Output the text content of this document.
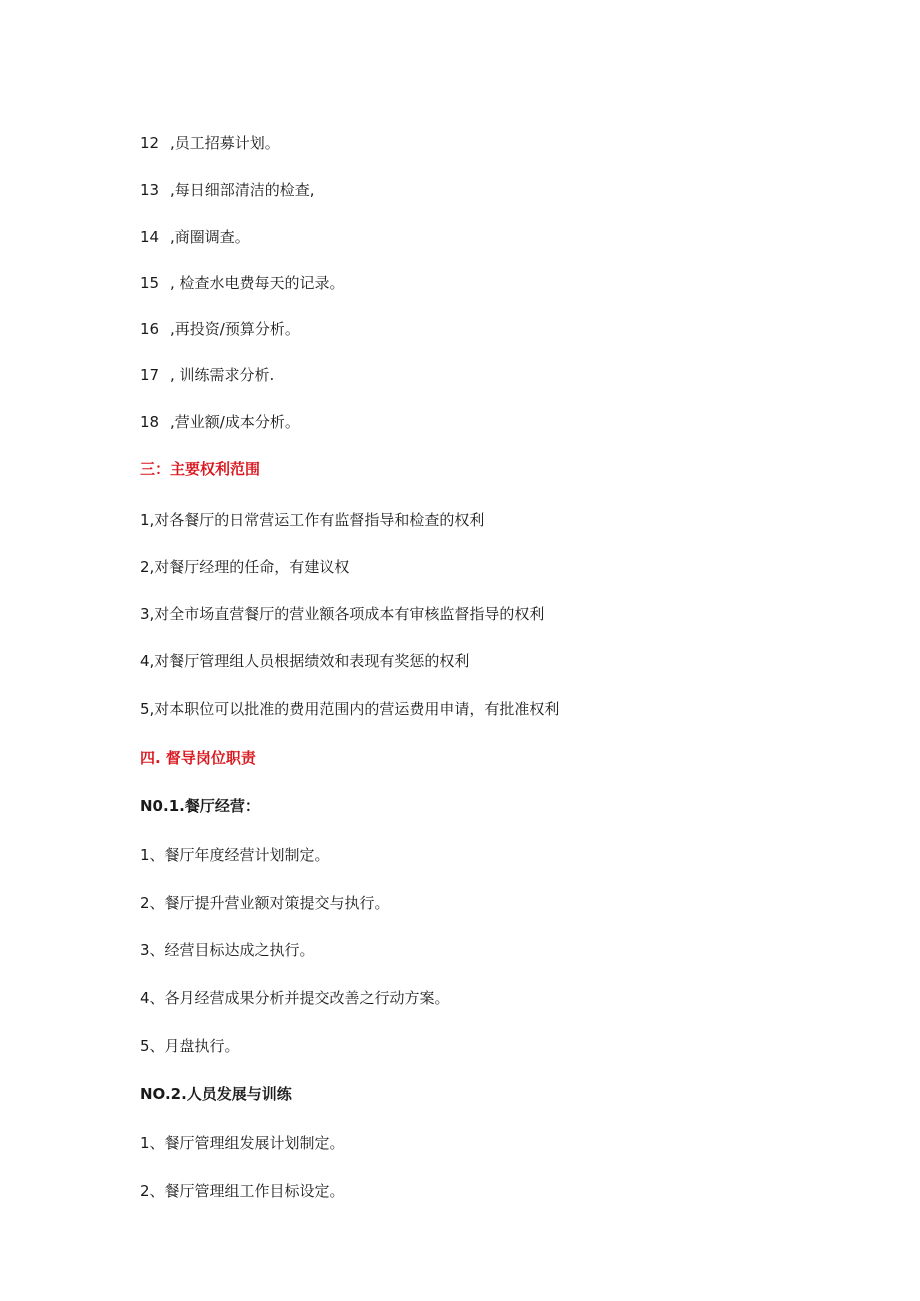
12 ,员工招募计划。
13 ,每日细部清洁的检查,
14 ,商圈调查。
15 , 检查水电费每天的记录。
16 ,再投资/预算分析。
17 , 训练需求分析.
18 ,营业额/成本分析。
三：主要权利范围
1,对各餐厅的日常营运工作有监督指导和检查的权利
2,对餐厅经理的任命，有建议权
3,对全市场直营餐厅的营业额各项成本有审核监督指导的权利
4,对餐厅管理组人员根据绩效和表现有奖惩的权利
5,对本职位可以批准的费用范围内的营运费用申请，有批准权利
四. 督导岗位职责
N0.1.餐厅经营：
1、餐厅年度经营计划制定。
2、餐厅提升营业额对策提交与执行。
3、经营目标达成之执行。
4、各月经营成果分析并提交改善之行动方案。
5、月盘执行。
NO.2.人员发展与训练
1、餐厅管理组发展计划制定。
2、餐厅管理组工作目标设定。
